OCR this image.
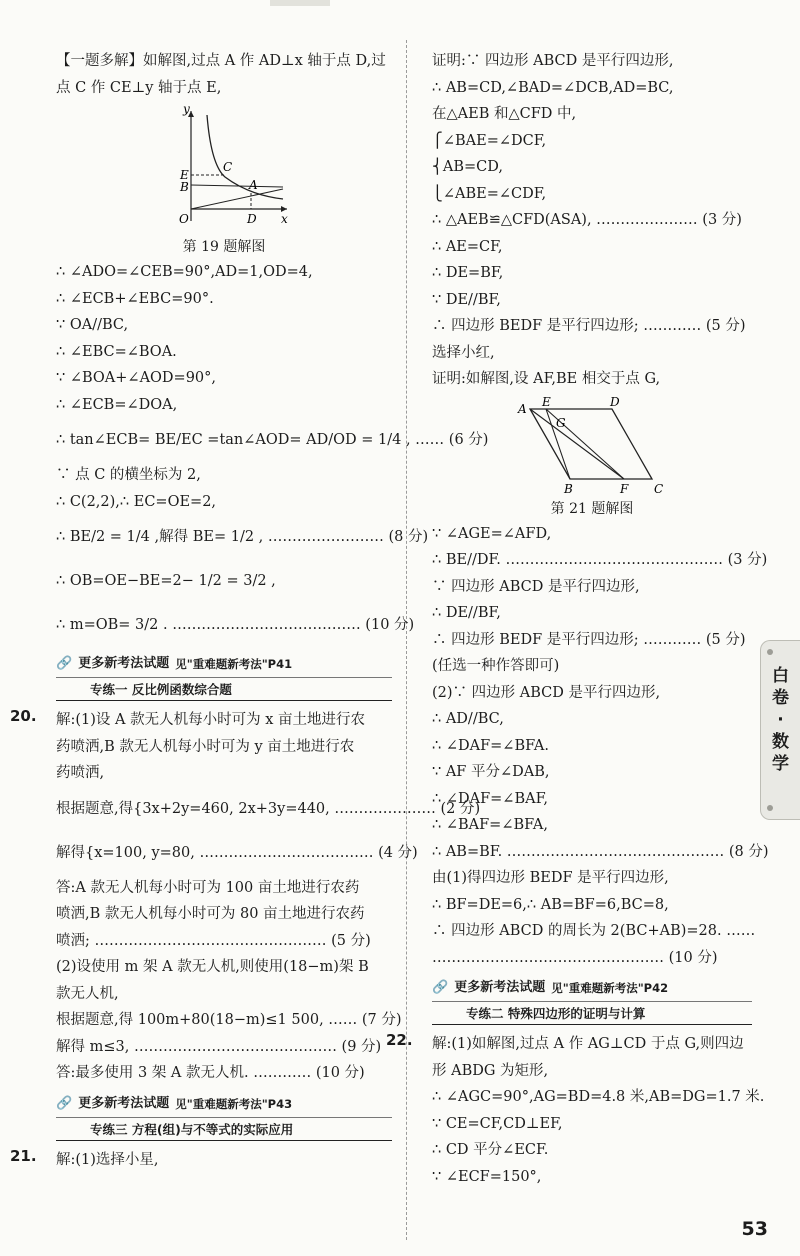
【一题多解】如解图,过点 A 作 AD⊥x 轴于点 D,过
点 C 作 CE⊥y 轴于点 E,
y
x
O
E
B
C
A
D
第 19 题解图
∴ ∠ADO=∠CEB=90°,AD=1,OD=4,
∴ ∠ECB+∠EBC=90°.
∵ OA//BC,
∴ ∠EBC=∠BOA.
∵ ∠BOA+∠AOD=90°,
∴ ∠ECB=∠DOA,
∴ tan∠ECB= BE/EC =tan∠AOD= AD/OD = 1/4 , …… (6 分)
∵ 点 C 的横坐标为 2,
∴ C(2,2),∴ EC=OE=2,
∴ BE/2 = 1/4 ,解得 BE= 1/2 , …………………… (8 分)
∴ OB=OE−BE=2− 1/2 = 3/2 ,
∴ m=OB= 3/2 . ………………………………… (10 分)
🔗 更多新考法试题 见"重难题新考法"P41
专练一 反比例函数综合题
20. 解:(1)设 A 款无人机每小时可为 x 亩土地进行农
药喷洒,B 款无人机每小时可为 y 亩土地进行农
药喷洒,
根据题意,得{3x+2y=460, 2x+3y=440, ………………… (2 分)
解得{x=100, y=80, ……………………………… (4 分)
答:A 款无人机每小时可为 100 亩土地进行农药
喷洒,B 款无人机每小时可为 80 亩土地进行农药
喷洒; ………………………………………… (5 分)
(2)设使用 m 架 A 款无人机,则使用(18−m)架 B
款无人机,
根据题意,得 100m+80(18−m)≤1 500, …… (7 分)
解得 m≤3, …………………………………… (9 分)
答:最多使用 3 架 A 款无人机. ………… (10 分)
🔗 更多新考法试题 见"重难题新考法"P43
专练三 方程(组)与不等式的实际应用
21. 解:(1)选择小星,
证明:∵ 四边形 ABCD 是平行四边形,
∴ AB=CD,∠BAD=∠DCB,AD=BC,
在△AEB 和△CFD 中,
⎧∠BAE=∠DCF,
⎨AB=CD,
⎩∠ABE=∠CDF,
∴ △AEB≌△CFD(ASA), ………………… (3 分)
∴ AE=CF,
∴ DE=BF,
∵ DE//BF,
∴ 四边形 BEDF 是平行四边形; ………… (5 分)
选择小红,
证明:如解图,设 AF,BE 相交于点 G,
A E	D
G
B	F C
第 21 题解图
∵ ∠AGE=∠AFD,
∴ BE//DF. ……………………………………… (3 分)
∵ 四边形 ABCD 是平行四边形,
∴ DE//BF,
∴ 四边形 BEDF 是平行四边形; ………… (5 分)
(任选一种作答即可)
(2)∵ 四边形 ABCD 是平行四边形,
∴ AD//BC,
∴ ∠DAF=∠BFA.
∵ AF 平分∠DAB,
∴ ∠DAF=∠BAF,
∴ ∠BAF=∠BFA,
∴ AB=BF. ……………………………………… (8 分)
由(1)得四边形 BEDF 是平行四边形,
∴ BF=DE=6,∴ AB=BF=6,BC=8,
∴ 四边形 ABCD 的周长为 2(BC+AB)=28. ……
………………………………………… (10 分)
🔗 更多新考法试题 见"重难题新考法"P42
专练二 特殊四边形的证明与计算
22. 解:(1)如解图,过点 A 作 AG⊥CD 于点 G,则四边
形 ABDG 为矩形,
∴ ∠AGC=90°,AG=BD=4.8 米,AB=DG=1.7 米.
∵ CE=CF,CD⊥EF,
∴ CD 平分∠ECF.
∵ ∠ECF=150°,
白卷·数学
53
